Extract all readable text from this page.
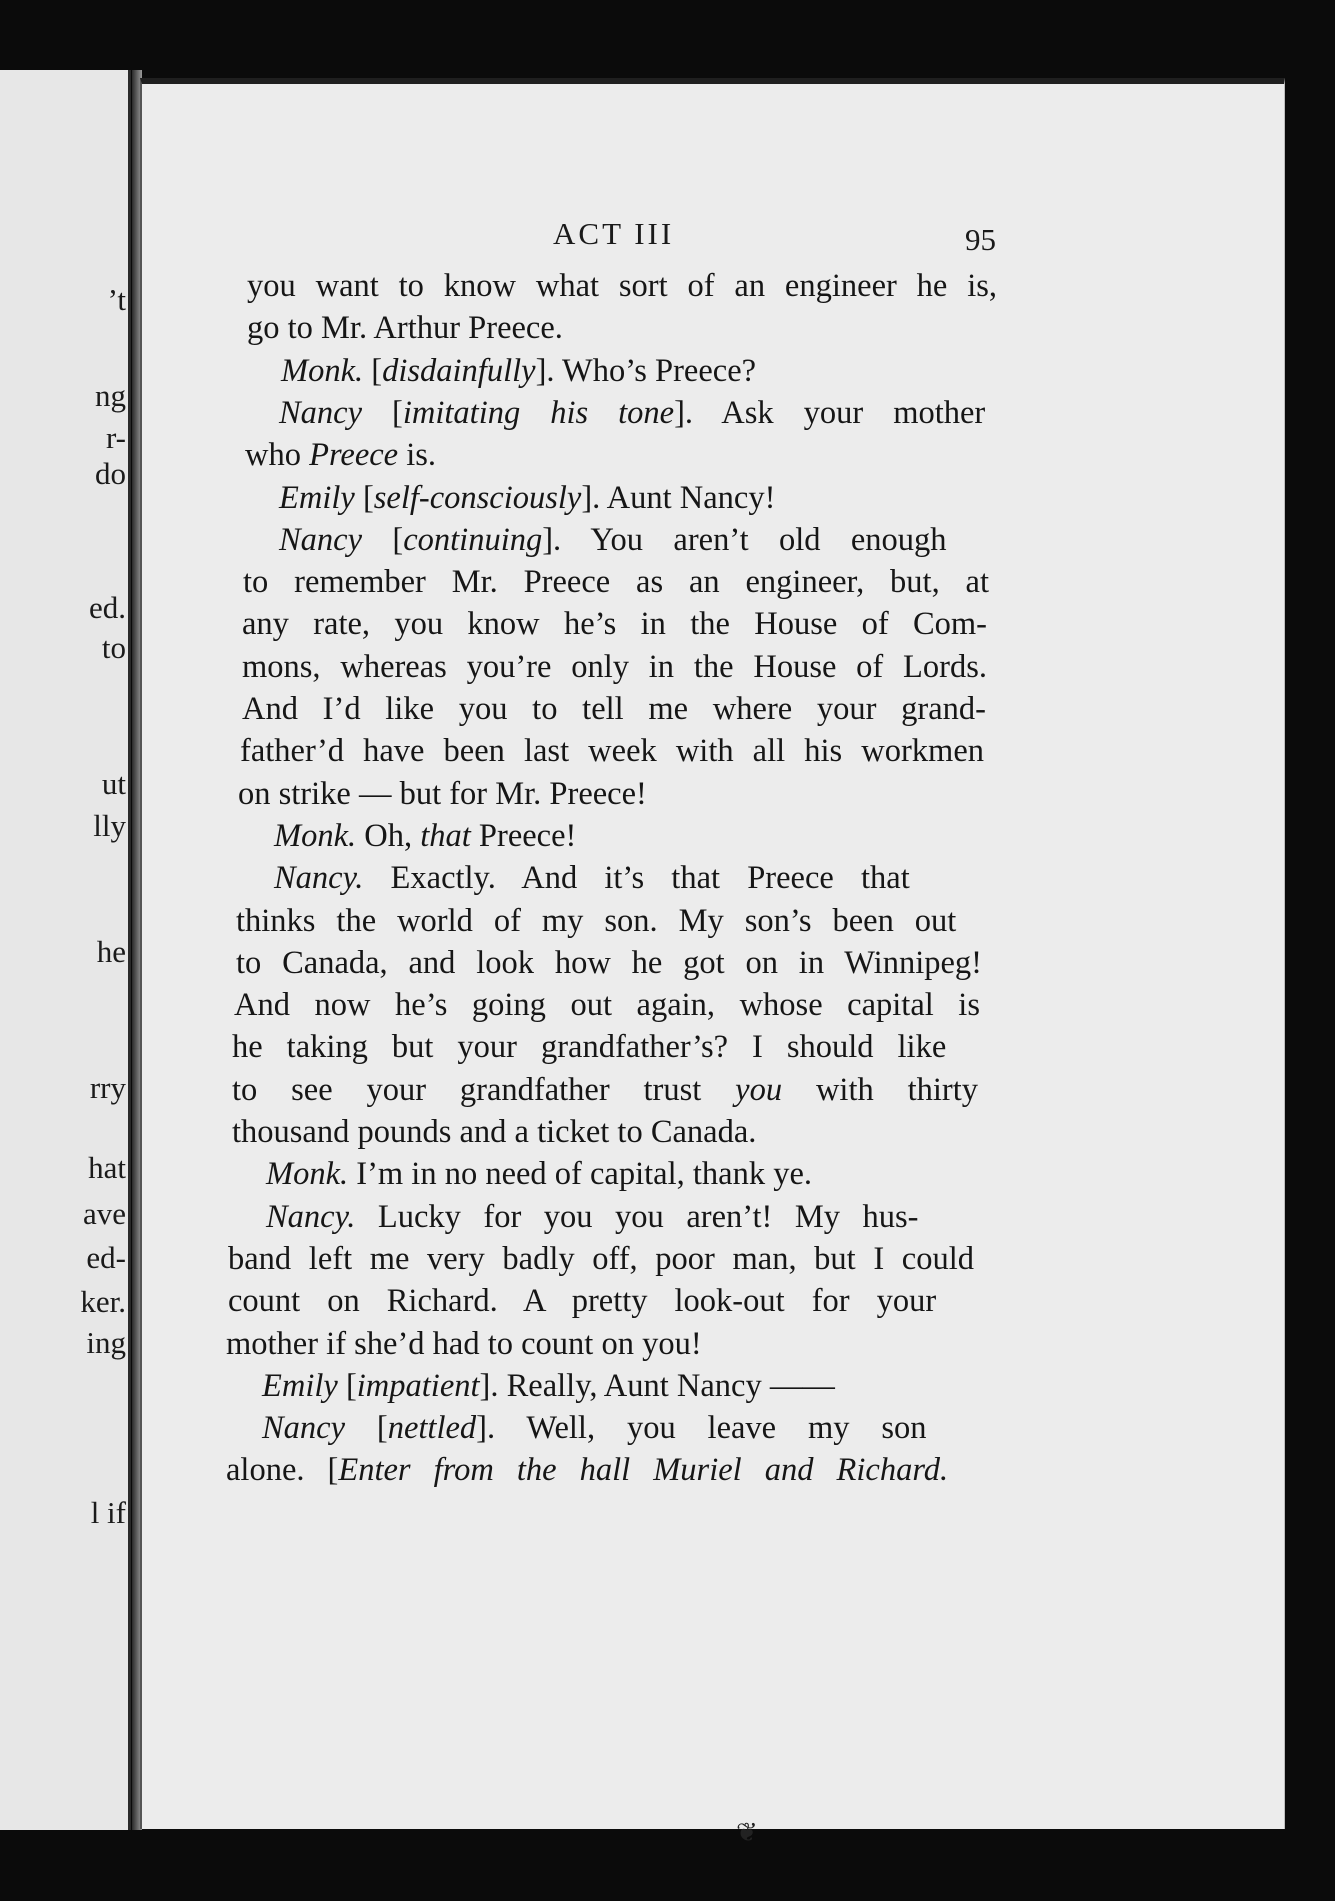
’t
ng
r-
do
ed.
to
ut
lly
he
rry
hat
ave
ed-
ker.
ing
l if
ACT III	95
you want to know what sort of an engineer he is,
go to Mr. Arthur Preece.
Monk. [disdainfully]. Who’s Preece?
Nancy [imitating his tone]. Ask your mother
who Preece is.
Emily [self-consciously]. Aunt Nancy!
Nancy [continuing]. You aren’t old enough
to remember Mr. Preece as an engineer, but, at
any rate, you know he’s in the House of Com-
mons, whereas you’re only in the House of Lords.
And I’d like you to tell me where your grand-
father’d have been last week with all his workmen
on strike — but for Mr. Preece!
Monk. Oh, that Preece!
Nancy. Exactly. And it’s that Preece that
thinks the world of my son. My son’s been out
to Canada, and look how he got on in Winnipeg!
And now he’s going out again, whose capital is
he taking but your grandfather’s? I should like
to see your grandfather trust you with thirty
thousand pounds and a ticket to Canada.
Monk. I’m in no need of capital, thank ye.
Nancy. Lucky for you you aren’t! My hus-
band left me very badly off, poor man, but I could
count on Richard. A pretty look-out for your
mother if she’d had to count on you!
Emily [impatient]. Really, Aunt Nancy ——
Nancy [nettled]. Well, you leave my son
alone. [Enter from the hall Muriel and Richard.
❦
